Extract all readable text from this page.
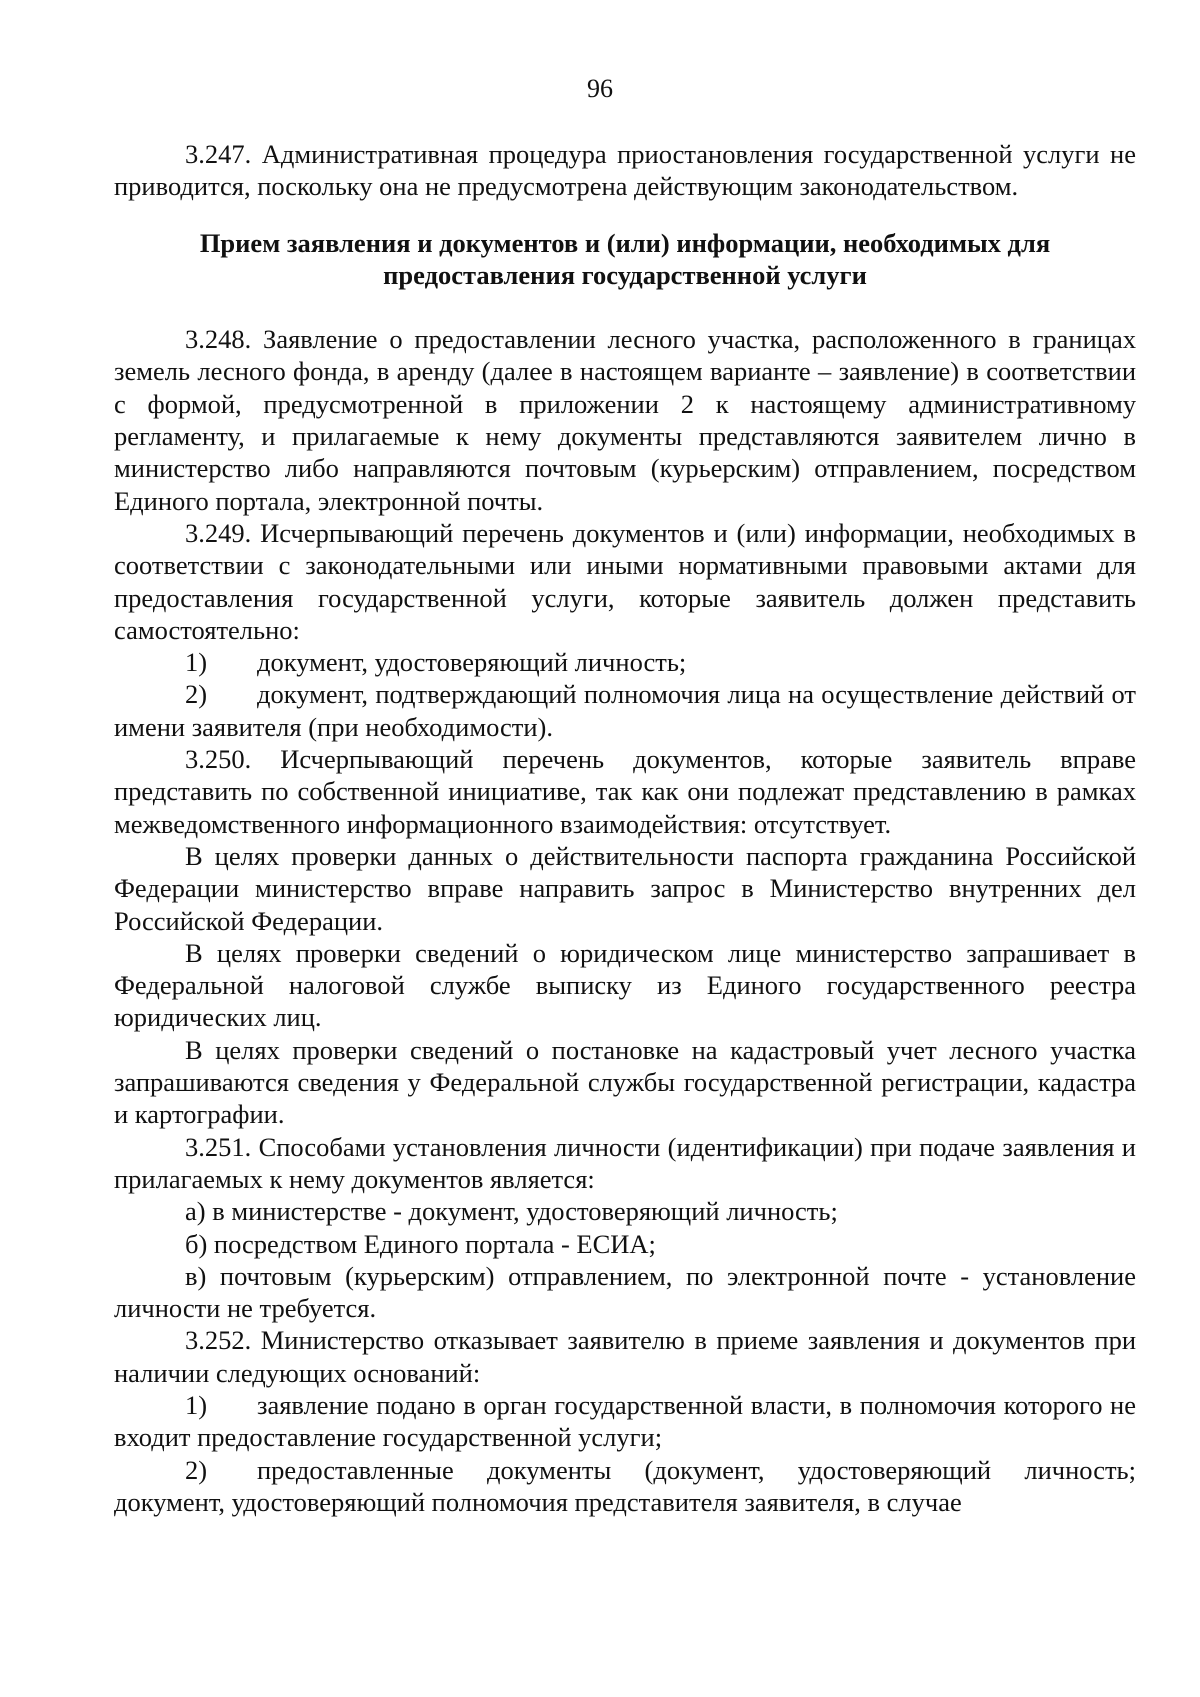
96

3.247. Административная процедура приостановления государственной услуги не приводится, поскольку она не предусмотрена действующим законодательством.

Прием заявления и документов и (или) информации, необходимых для
предоставления государственной услуги

3.248. Заявление о предоставлении лесного участка, расположенного в границах земель лесного фонда, в аренду (далее в настоящем варианте – заявление) в соответствии с формой, предусмотренной в приложении 2 к настоящему административному регламенту, и прилагаемые к нему документы представляются заявителем лично в министерство либо направляются почтовым (курьерским) отправлением, посредством Единого портала, электронной почты.

3.249. Исчерпывающий перечень документов и (или) информации, необходимых в соответствии с законодательными или иными нормативными правовыми актами для предоставления государственной услуги, которые заявитель должен представить самостоятельно:

1) документ, удостоверяющий личность;

2) документ, подтверждающий полномочия лица на осуществление действий от имени заявителя (при необходимости).

3.250. Исчерпывающий перечень документов, которые заявитель вправе представить по собственной инициативе, так как они подлежат представлению в рамках межведомственного информационного взаимодействия: отсутствует.

В целях проверки данных о действительности паспорта гражданина Российской Федерации министерство вправе направить запрос в Министерство внутренних дел Российской Федерации.

В целях проверки сведений о юридическом лице министерство запрашивает в Федеральной налоговой службе выписку из Единого государственного реестра юридических лиц.

В целях проверки сведений о постановке на кадастровый учет лесного участка запрашиваются сведения у Федеральной службы государственной регистрации, кадастра и картографии.

3.251. Способами установления личности (идентификации) при подаче заявления и прилагаемых к нему документов является:

а) в министерстве - документ, удостоверяющий личность;

б) посредством Единого портала - ЕСИА;

в) почтовым (курьерским) отправлением, по электронной почте - установление личности не требуется.

3.252. Министерство отказывает заявителю в приеме заявления и документов при наличии следующих оснований:

1) заявление подано в орган государственной власти, в полномочия которого не входит предоставление государственной услуги;

2) предоставленные документы (документ, удостоверяющий личность; документ, удостоверяющий полномочия представителя заявителя, в случае
